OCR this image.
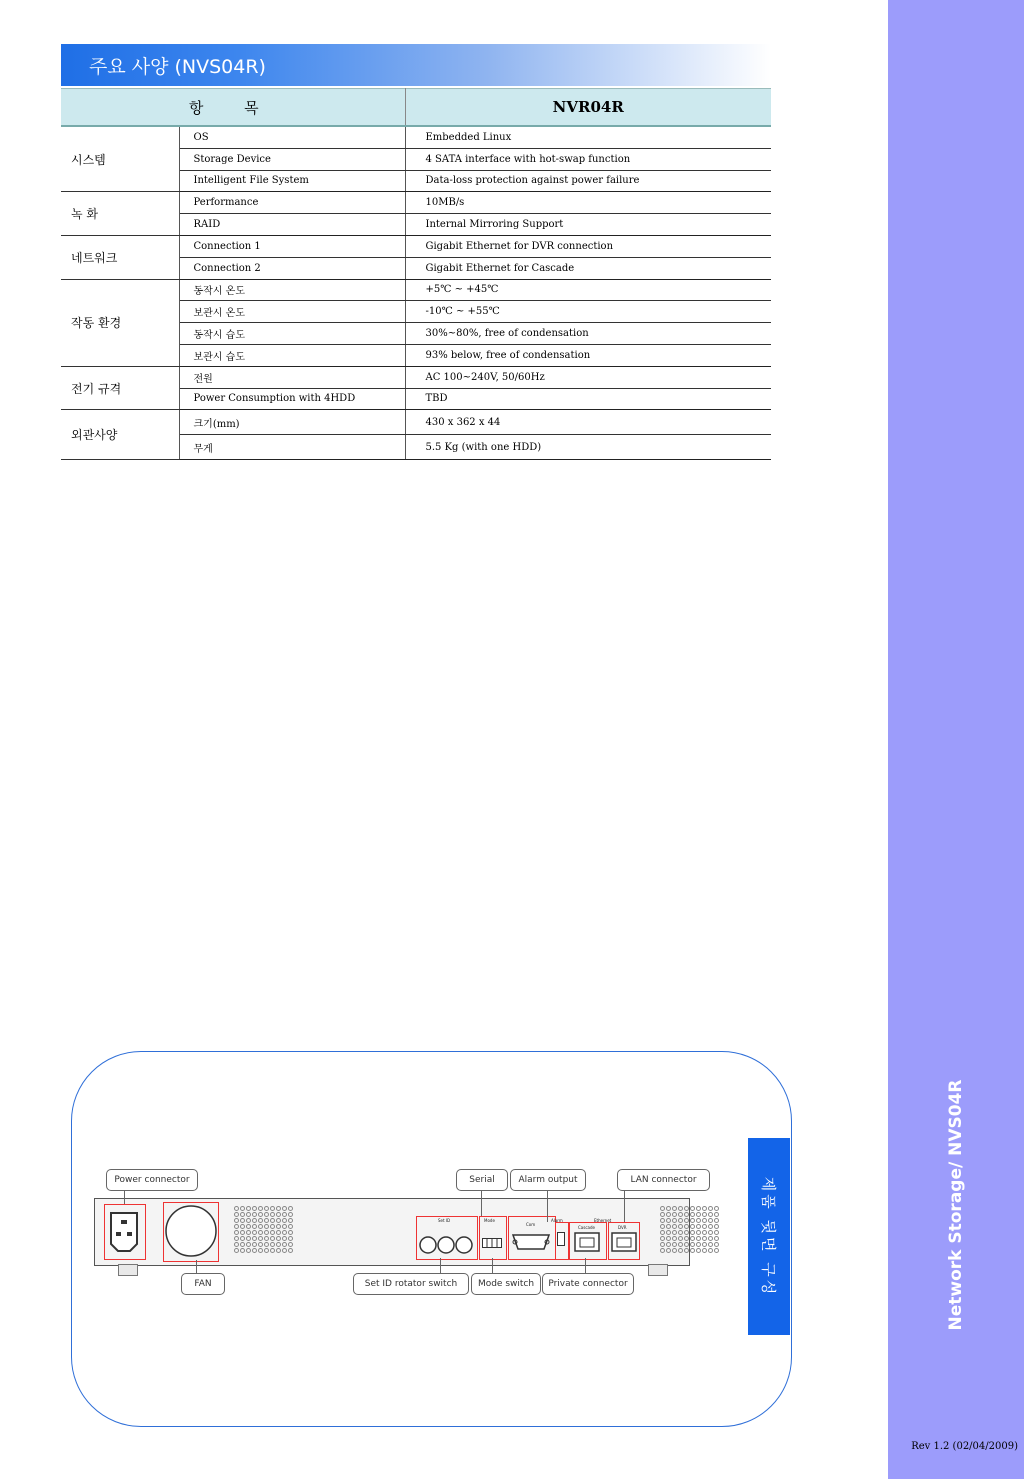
Network Storage/ NVS04R
Rev 1.2 (02/04/2009)
주요 사양 (NVS04R)
항 목		NVR04R
시스템	OS	Embedded Linux
	Storage Device	4 SATA interface with hot-swap function
	Intelligent File System	Data-loss protection against power failure
녹 화	Performance	10MB/s
	RAID	Internal Mirroring Support
네트워크	Connection 1	Gigabit Ethernet for DVR connection
	Connection 2	Gigabit Ethernet for Cascade
작동 환경	동작시 온도	+5℃ ~ +45℃
	보관시 온도	-10℃ ~ +55℃
	동작시 습도	30%~80%, free of condensation
	보관시 습도	93% below, free of condensation
전기 규격	전원	AC 100~240V, 50/60Hz
	Power Consumption with 4HDD	TBD
외관사양	크기(mm)	430 x 362 x 44
	무게	5.5 Kg (with one HDD)
제품 뒷면 구성
Set ID	Mode
Com
Alarm	Ethernet
Cascade	DVR
Power connector	Serial	Alarm output	LAN connector
FAN	Set ID rotator switch	Mode switch	Private connector
